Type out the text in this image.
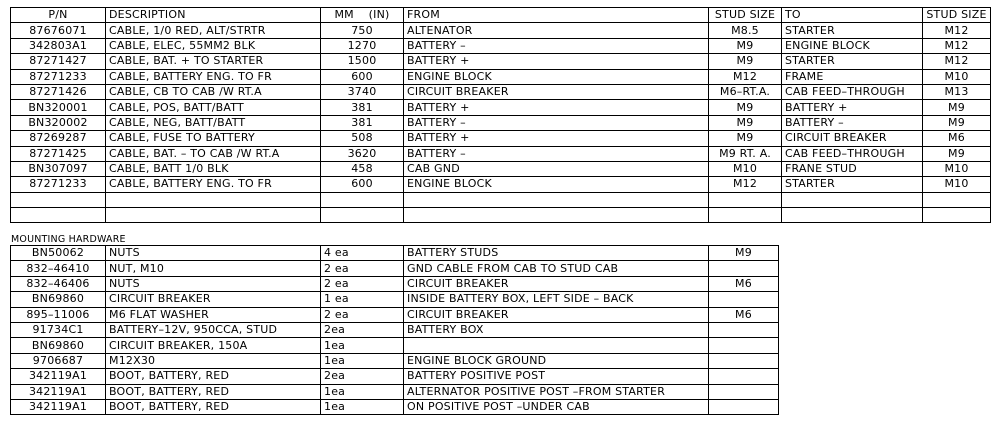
P/N	DESCRIPTION	MM    (IN)	FROM	STUD SIZE	TO	STUD SIZE
87676071	CABLE, 1/0 RED, ALT/STRTR	750	ALTENATOR	M8.5	STARTER	M12
342803A1	CABLE, ELEC, 55MM2 BLK	1270	BATTERY –	M9	ENGINE BLOCK	M12
87271427	CABLE, BAT. + TO STARTER	1500	BATTERY +	M9	STARTER	M12
87271233	CABLE, BATTERY ENG. TO FR	600	ENGINE BLOCK	M12	FRAME	M10
87271426	CABLE, CB TO CAB /W RT.A	3740	CIRCUIT BREAKER	M6–RT.A.	CAB FEED–THROUGH	M13
BN320001	CABLE, POS, BATT/BATT	381	BATTERY +	M9	BATTERY +	M9
BN320002	CABLE, NEG, BATT/BATT	381	BATTERY –	M9	BATTERY –	M9
87269287	CABLE, FUSE TO BATTERY	508	BATTERY +	M9	CIRCUIT BREAKER	M6
87271425	CABLE, BAT. – TO CAB /W RT.A	3620	BATTERY –	M9 RT. A.	CAB FEED–THROUGH	M9
BN307097	CABLE, BATT 1/0 BLK	458	CAB GND	M10	FRANE STUD	M10
87271233	CABLE, BATTERY ENG. TO FR	600	ENGINE BLOCK	M12	STARTER	M10

MOUNTING HARDWARE
BN50062	NUTS	4 ea	BATTERY STUDS	M9
832–46410	NUT, M10	2 ea	GND CABLE FROM CAB TO STUD CAB	
832–46406	NUTS	2 ea	CIRCUIT BREAKER	M6
BN69860	CIRCUIT BREAKER	1 ea	INSIDE BATTERY BOX, LEFT SIDE – BACK	
895–11006	M6 FLAT WASHER	2 ea	CIRCUIT BREAKER	M6
91734C1	BATTERY–12V, 950CCA, STUD	2ea	BATTERY BOX	
BN69860	CIRCUIT BREAKER, 150A	1ea		
9706687	M12X30	1ea	ENGINE BLOCK GROUND	
342119A1	BOOT, BATTERY, RED	2ea	BATTERY POSITIVE POST	
342119A1	BOOT, BATTERY, RED	1ea	ALTERNATOR POSITIVE POST –FROM STARTER	
342119A1	BOOT, BATTERY, RED	1ea	ON POSITIVE POST –UNDER CAB	
